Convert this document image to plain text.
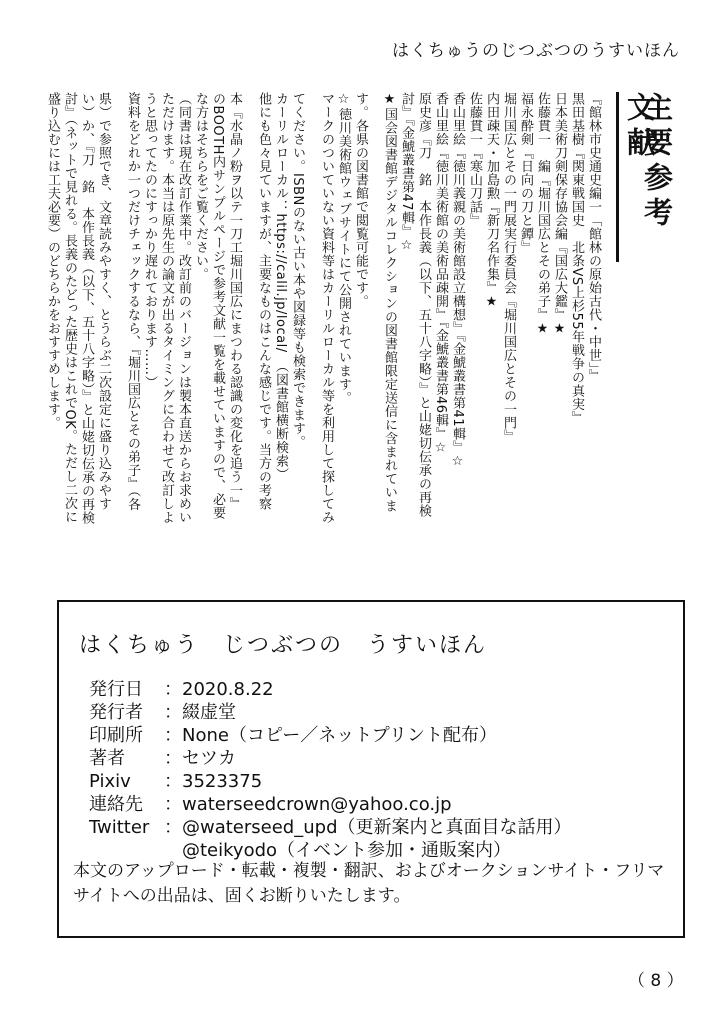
はくちゅうのじつぶつのうすいほん
主要参考文献
『館林市史通史編一「館林の原始古代・中世」』
黒田基樹『関東戦国史　北条VS上杉55年戦争の真実』
日本美術刀剣保存協会編『国広大鑑』★
佐藤貫一　編『堀川国広とその弟子』★
福永酔剣『日向の刀と鐔』
堀川国広とその一門展実行委員会『堀川国広とその一門』
内田疎天・加島勲『新刀名作集』★
佐藤貫一『寒山刀話』
香山里絵『徳川義親の美術館設立構想』『金鯱叢書第41輯』☆
香山里絵『徳川美術館の美術品疎開』『金鯱叢書第46輯』☆
原史彦『刀　銘　本作長義（以下、五十八字略）』と山姥切伝承の再検
討』『金鯱叢書第47輯』☆
★国会図書館デジタルコレクションの図書館限定送信に含まれていま
す。各県の図書館で閲覧可能です。
☆徳川美術館ウェブサイトにて公開されています。
マークのついていない資料等はカーリルローカル等を利用して探してみ
てください。ISBNのない古い本や図録等も検索できます。
カーリルローカル：https://calil.jp/local/　（図書館横断検索）
他にも色々見ていますが、主要なものはこんな感じです。当方の考察
本『水晶ノ粉ヲ以テ一刀工堀川国広にまつわる認識の変化を追う一』
のBOOTH内サンプルページで参考文献一覧を載せていますので、必要
な方はそちらをご覧ください。
（同書は現在改訂作業中。改訂前のバージョンは製本直送からお求めい
ただけます。本当は原先生の論文が出るタイミングに合わせて改訂しよ
うと思ってたのにすっかり遅れております……）
資料をどれか一つだけチェックするなら、『堀川国広とその弟子』（各
県）で参照でき、文章読みやすく、とうらぶ二次設定に盛り込みやす
い）か、『刀　銘　本作長義（以下、五十八字略）』と山姥切伝承の再検
討』（ネットで見れる。長義のたどった歴史はこれでOK。ただし二次に
盛り込むには工夫必要）のどちらかをおすすめします。
はくちゅう　じつぶつの　うすいほん
発行日	：2020.8.22
発行者	：綴虚堂
印刷所	：None（コピー／ネットプリント配布）
著者	：セツカ
Pixiv	：3523375
連絡先	：waterseedcrown@yahoo.co.jp
Twitter ：@waterseed_upd（更新案内と真面目な話用）
　@teikyodo（イベント参加・通販案内）
本文のアップロード・転載・複製・翻訳、およびオークションサイト・フリマサイトへの出品は、固くお断りいたします。
（ 8 ）
